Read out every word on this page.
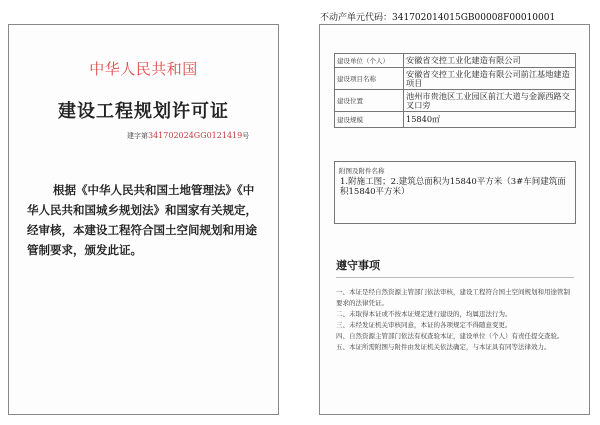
不动产单元代码：341702014015GB00008F00010001
中华人民共和国
建设工程规划许可证
建字第341702024GG0121419号
根据《中华人民共和国土地管理法》《中
华人民共和国城乡规划法》和国家有关规定，
经审核，本建设工程符合国土空间规划和用途
管制要求，颁发此证。
建设单位（个人）	安徽省交控工业化建造有限公司
建设项目名称	安徽省交控工业化建造有限公司前江基地建造项目
建设位置	池州市贵池区工业园区前江大道与金源西路交叉口旁
建设规模	15840㎡
附图及附件名称
1.附施工图；2.建筑总面积为15840平方米（3#车间建筑面积15840平方米）
遵守事项
一、本证是经自然资源主管部门依法审核，建设工程符合国土空间规划和用途管制要求的法律凭证。
二、未取得本证或不按本证规定进行建设的，均属违法行为。
三、未经发证机关审核同意，本证的各项规定不得随意变更。
四、自然资源主管部门依法有权查验本证，建设单位（个人）有责任提交查验。
五、本证所需附图与附件由发证机关依法确定，与本证具有同等法律效力。
